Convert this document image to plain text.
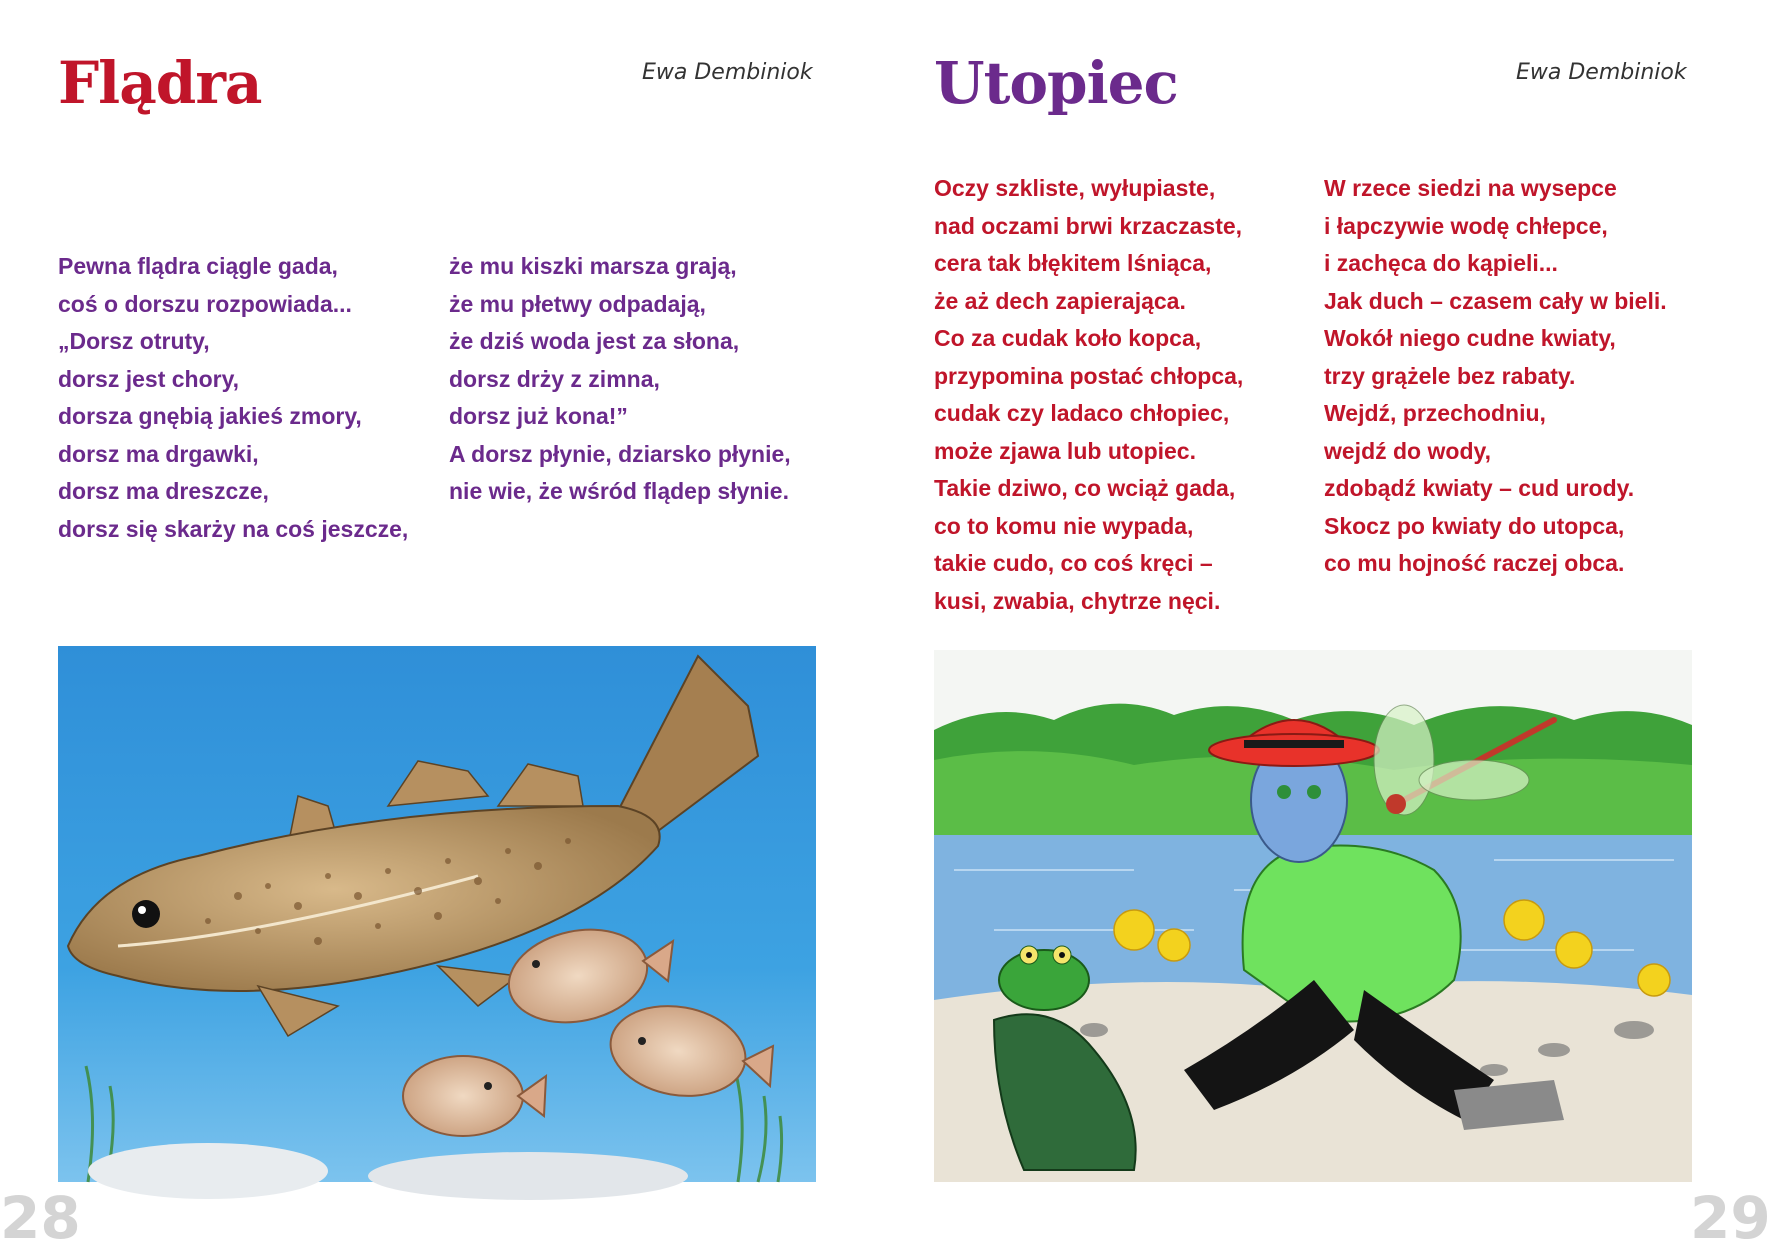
Flądra	Ewa Dembiniok
Pewna flądra ciągle gada,
coś o dorszu rozpowiada...
„Dorsz otruty,
dorsz jest chory,
dorsza gnębią jakieś zmory,
dorsz ma drgawki,
dorsz ma dreszcze,
dorsz się skarży na coś jeszcze,
że mu kiszki marsza grają,
że mu płetwy odpadają,
że dziś woda jest za słona,
dorsz drży z zimna,
dorsz już kona!”
A dorsz płynie, dziarsko płynie,
nie wie, że wśród flądер słynie.
28
Utopiec	Ewa Dembiniok
Oczy szkliste, wyłupiaste,
nad oczami brwi krzaczaste,
cera tak błękitem lśniąca,
że aż dech zapierająca.
Co za cudak koło kopca,
przypomina postać chłopca,
cudak czy ladaco chłopiec,
może zjawa lub utopiec.
Takie dziwo, co wciąż gada,
co to komu nie wypada,
takie cudo, co coś kręci –
kusi, zwabia, chytrze nęci.
W rzece siedzi na wysepce
i łapczywie wodę chłepce,
i zachęca do kąpieli...
Jak duch – czasem cały w bieli.
Wokół niego cudne kwiaty,
trzy grążele bez rabaty.
Wejdź, przechodniu,
wejdź do wody,
zdobądź kwiaty – cud urody.
Skocz po kwiaty do utopca,
co mu hojność raczej obca.
29
